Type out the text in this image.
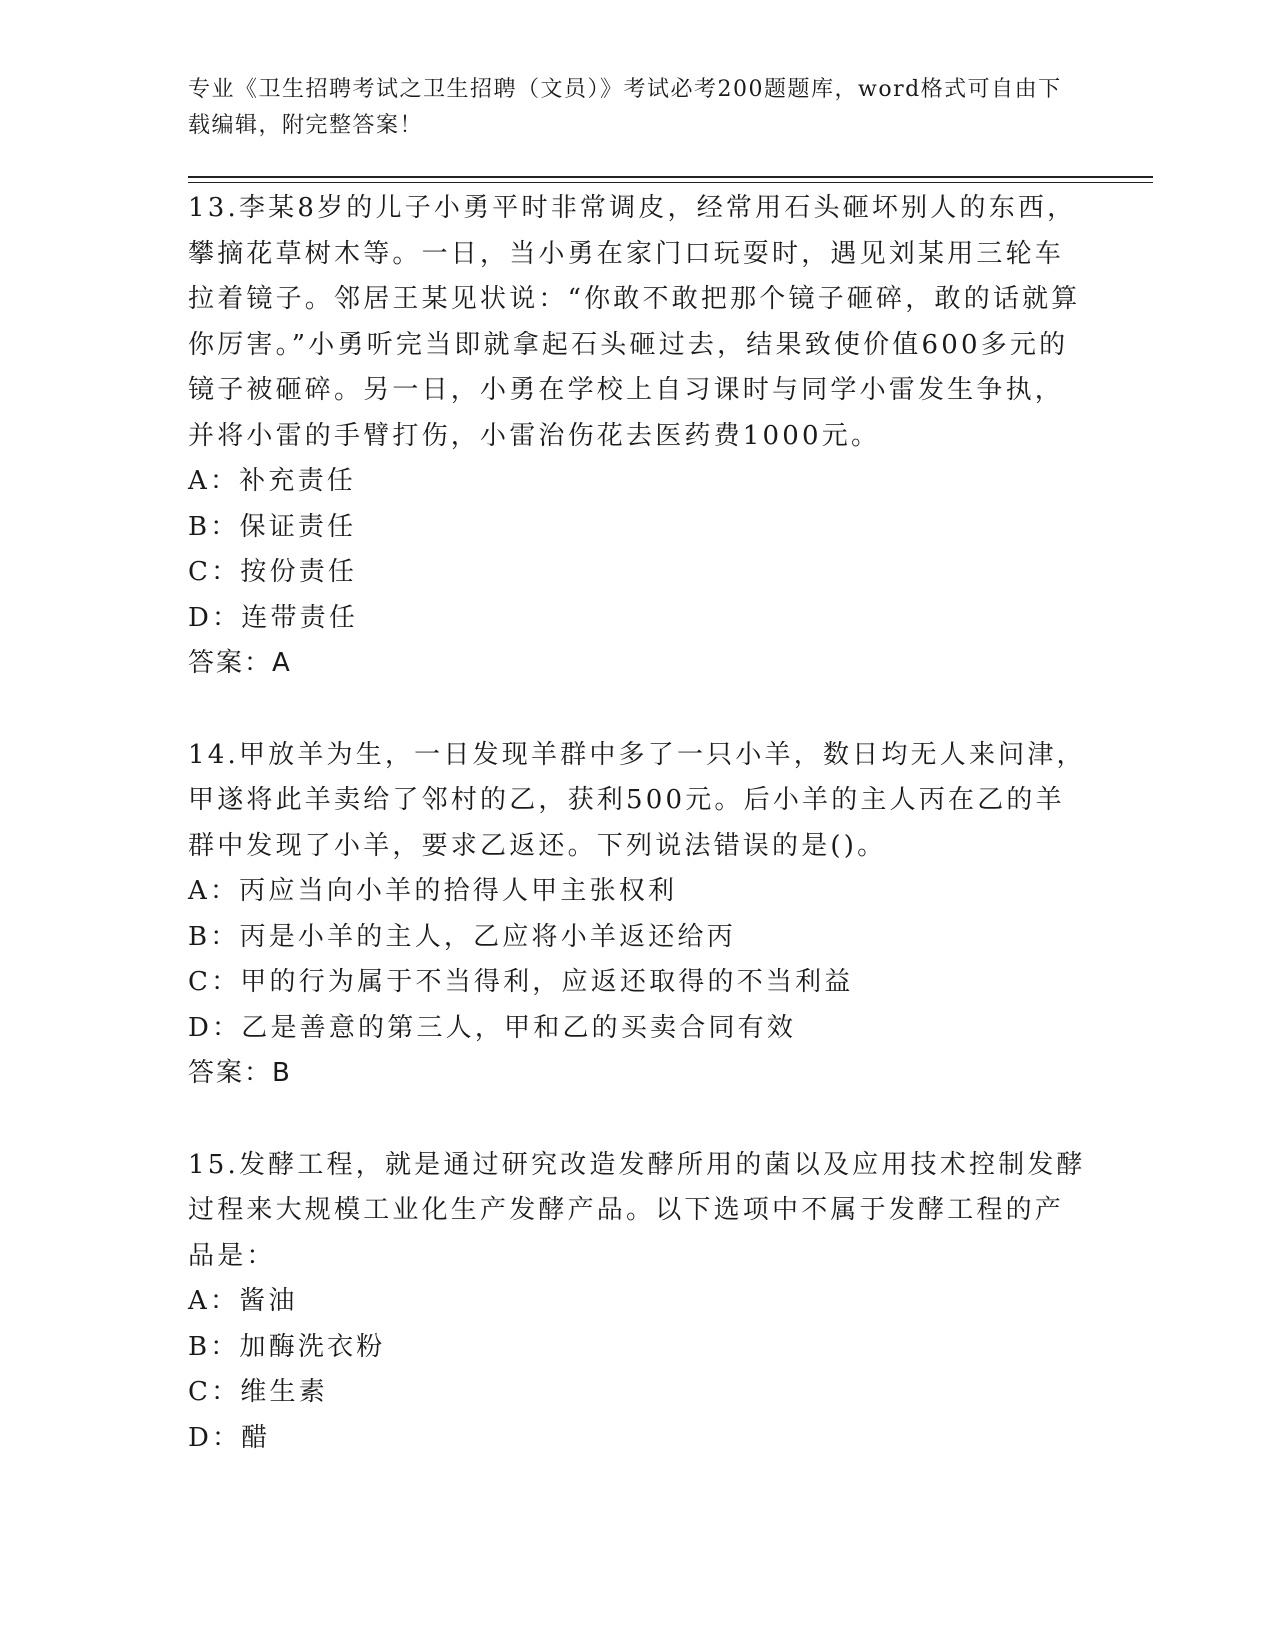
专业《卫生招聘考试之卫生招聘（文员）》考试必考200题题库，word格式可自由下载编辑，附完整答案！

13.李某8岁的儿子小勇平时非常调皮，经常用石头砸坏别人的东西，攀摘花草树木等。一日，当小勇在家门口玩耍时，遇见刘某用三轮车拉着镜子。邻居王某见状说：“你敢不敢把那个镜子砸碎，敢的话就算你厉害。”小勇听完当即就拿起石头砸过去，结果致使价值600多元的镜子被砸碎。另一日，小勇在学校上自习课时与同学小雷发生争执，并将小雷的手臂打伤，小雷治伤花去医药费1000元。

A：补充责任

B：保证责任

C：按份责任

D：连带责任

答案：A

14.甲放羊为生，一日发现羊群中多了一只小羊，数日均无人来问津，甲遂将此羊卖给了邻村的乙，获利500元。后小羊的主人丙在乙的羊群中发现了小羊，要求乙返还。下列说法错误的是()。

A：丙应当向小羊的拾得人甲主张权利

B：丙是小羊的主人，乙应将小羊返还给丙

C：甲的行为属于不当得利，应返还取得的不当利益

D：乙是善意的第三人，甲和乙的买卖合同有效

答案：B

15.发酵工程，就是通过研究改造发酵所用的菌以及应用技术控制发酵过程来大规模工业化生产发酵产品。以下选项中不属于发酵工程的产品是：

A：酱油

B：加酶洗衣粉

C：维生素

D：醋
